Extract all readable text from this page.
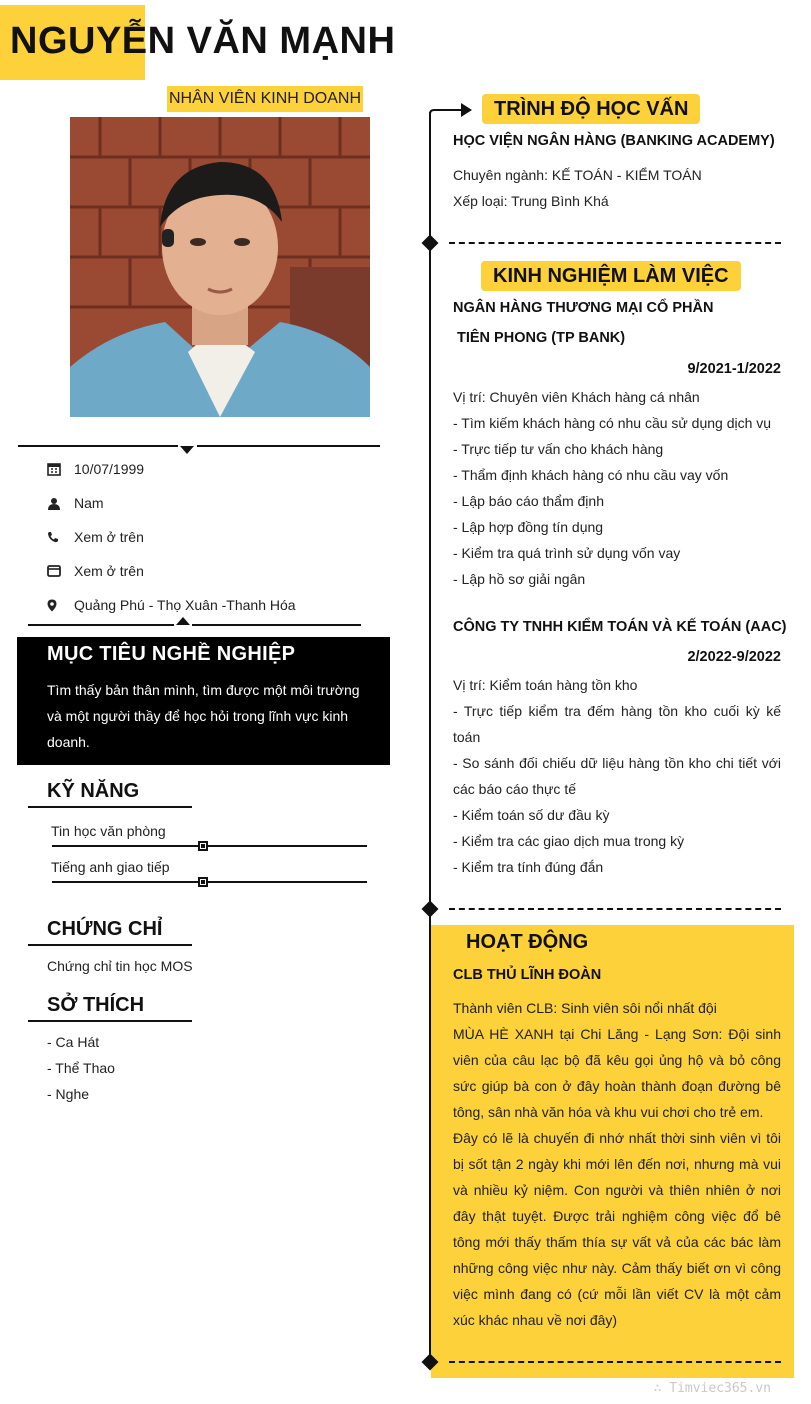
NGUYỄN VĂN MẠNH
NHÂN VIÊN KINH DOANH
10/07/1999
Nam
Xem ở trên
Xem ở trên
Quảng Phú - Thọ Xuân -Thanh Hóa
MỤC TIÊU NGHỀ NGHIỆP

Tìm thấy bản thân mình, tìm được một môi trường và một người thầy để học hỏi trong lĩnh vực kinh doanh.

KỸ NĂNG
Tin học văn phòng
Tiếng anh giao tiếp
CHỨNG CHỈ
Chứng chỉ tin học MOS
SỞ THÍCH
- Ca Hát
- Thể Thao
- Nghe
TRÌNH ĐỘ HỌC VẤN
HỌC VIỆN NGÂN HÀNG (BANKING ACADEMY)
Chuyên ngành: KẾ TOÁN - KIỂM TOÁN
Xếp loại: Trung Bình Khá
KINH NGHIỆM LÀM VIỆC
NGÂN HÀNG THƯƠNG MẠI CỔ PHẦN
TIÊN PHONG (TP BANK)
9/2021-1/2022
Vị trí: Chuyên viên Khách hàng cá nhân
- Tìm kiếm khách hàng có nhu cầu sử dụng dịch vụ
- Trực tiếp tư vấn cho khách hàng
- Thẩm định khách hàng có nhu cầu vay vốn
- Lập báo cáo thẩm định
- Lập hợp đồng tín dụng
- Kiểm tra quá trình sử dụng vốn vay
- Lập hồ sơ giải ngân
CÔNG TY TNHH KIỂM TOÁN VÀ KẾ TOÁN (AAC)
2/2022-9/2022
Vị trí: Kiểm toán hàng tồn kho
- Trực tiếp kiểm tra đếm hàng tồn kho cuối kỳ kế toán
- So sánh đối chiếu dữ liệu hàng tồn kho chi tiết với các báo cáo thực tế
- Kiểm toán số dư đầu kỳ
- Kiểm tra các giao dịch mua trong kỳ
- Kiểm tra tính đúng đắn
HOẠT ĐỘNG
CLB THỦ LĨNH ĐOÀN
Thành viên CLB: Sinh viên sôi nổi nhất đội
MÙA HÈ XANH tại Chi Lăng - Lạng Sơn: Đội sinh viên của câu lạc bộ đã kêu gọi ủng hộ và bỏ công sức giúp bà con ở đây hoàn thành đoạn đường bê tông, sân nhà văn hóa và khu vui chơi cho trẻ em.
Đây có lẽ là chuyến đi nhớ nhất thời sinh viên vì tôi bị sốt tận 2 ngày khi mới lên đến nơi, nhưng mà vui và nhiều kỷ niệm. Con người và thiên nhiên ở nơi đây thật tuyệt. Được trải nghiệm công việc đổ bê tông mới thấy thấm thía sự vất vả của các bác làm những công việc như này. Cảm thấy biết ơn vì công việc mình đang có (cứ mỗi lần viết CV là một cảm xúc khác nhau về nơi đây)
∴ Timviec365.vn
